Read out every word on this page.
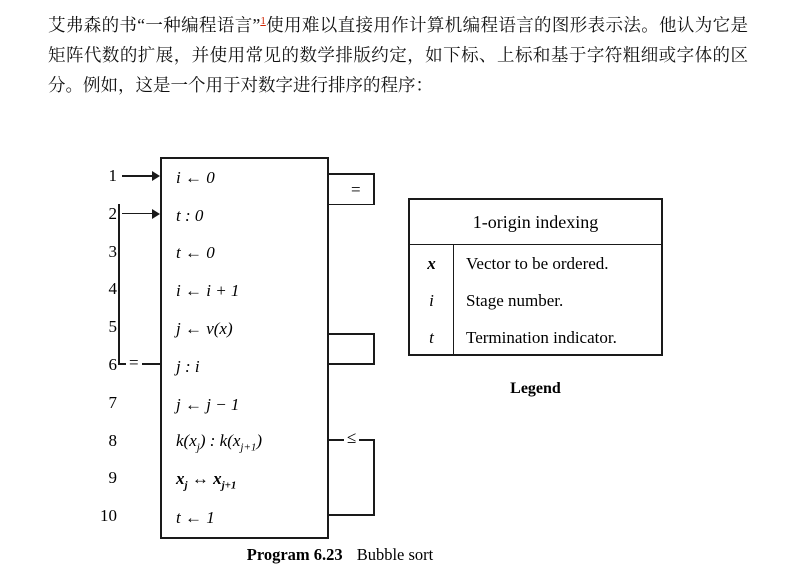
艾弗森的书“一种编程语言”$^1$使用难以直接用作计算机编程语言的图形表示法。他认为它是矩阵代数的扩展，并使用常见的数学排版约定，如下标、上标和基于字符粗细或字体的区分。例如，这是一个用于对数字进行排序的程序：
1
2
3
4
5
6
7
8
9
10
=
=
≤
i ← 0
t : 0
t ← 0
i ← i + 1
j ← v(x)
j : i
j ← j − 1
$k(x_j)$ : $k(x_{j+1})$
$x_j$ ↔ $x_{j+1}$
t ← 1
1-origin indexing
x	Vector to be ordered.
i	Stage number.
t	Termination indicator.
Legend
Program 6.23 Bubble sort
